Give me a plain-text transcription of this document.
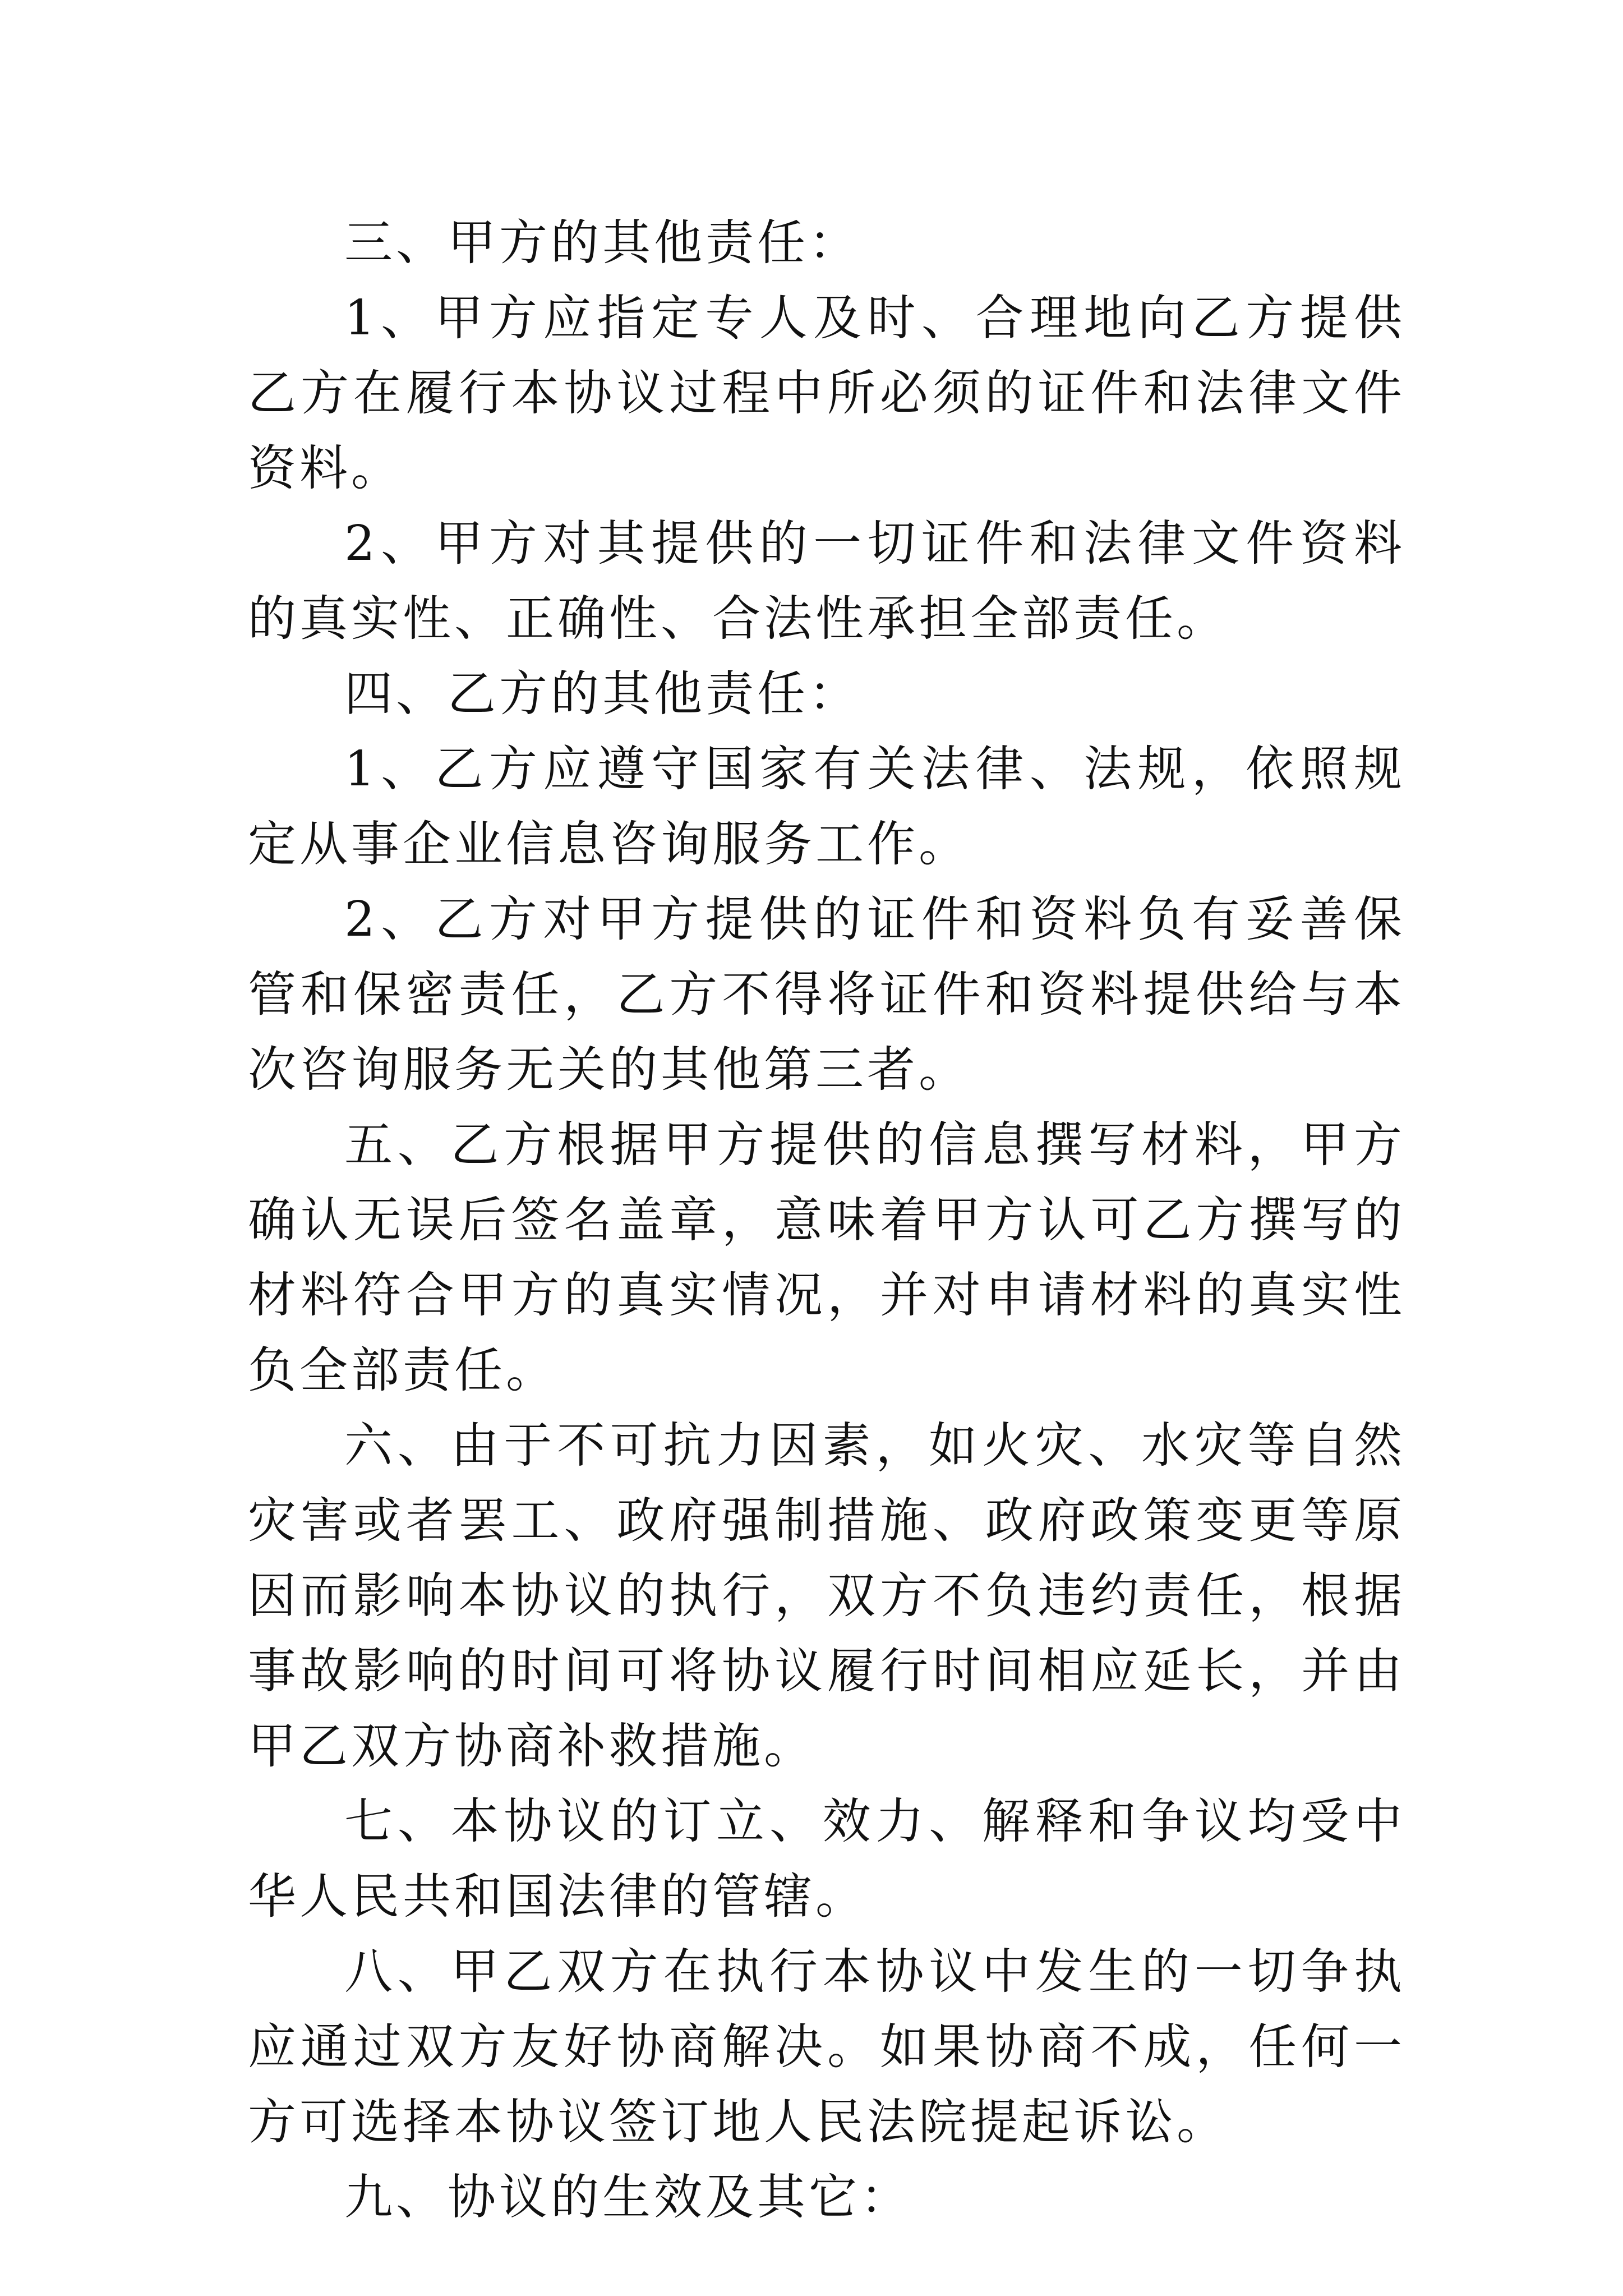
三、甲方的其他责任：

1、甲方应指定专人及时、合理地向乙方提供乙方在履行本协议过程中所必须的证件和法律文件资料。

2、甲方对其提供的一切证件和法律文件资料的真实性、正确性、合法性承担全部责任。

四、乙方的其他责任：

1、乙方应遵守国家有关法律、法规，依照规定从事企业信息咨询服务工作。

2、乙方对甲方提供的证件和资料负有妥善保管和保密责任，乙方不得将证件和资料提供给与本次咨询服务无关的其他第三者。

五、乙方根据甲方提供的信息撰写材料，甲方确认无误后签名盖章，意味着甲方认可乙方撰写的材料符合甲方的真实情况，并对申请材料的真实性负全部责任。

六、由于不可抗力因素，如火灾、水灾等自然灾害或者罢工、政府强制措施、政府政策变更等原因而影响本协议的执行，双方不负违约责任，根据事故影响的时间可将协议履行时间相应延长，并由甲乙双方协商补救措施。

七、本协议的订立、效力、解释和争议均受中华人民共和国法律的管辖。

八、甲乙双方在执行本协议中发生的一切争执应通过双方友好协商解决。如果协商不成，任何一方可选择本协议签订地人民法院提起诉讼。

九、协议的生效及其它：
